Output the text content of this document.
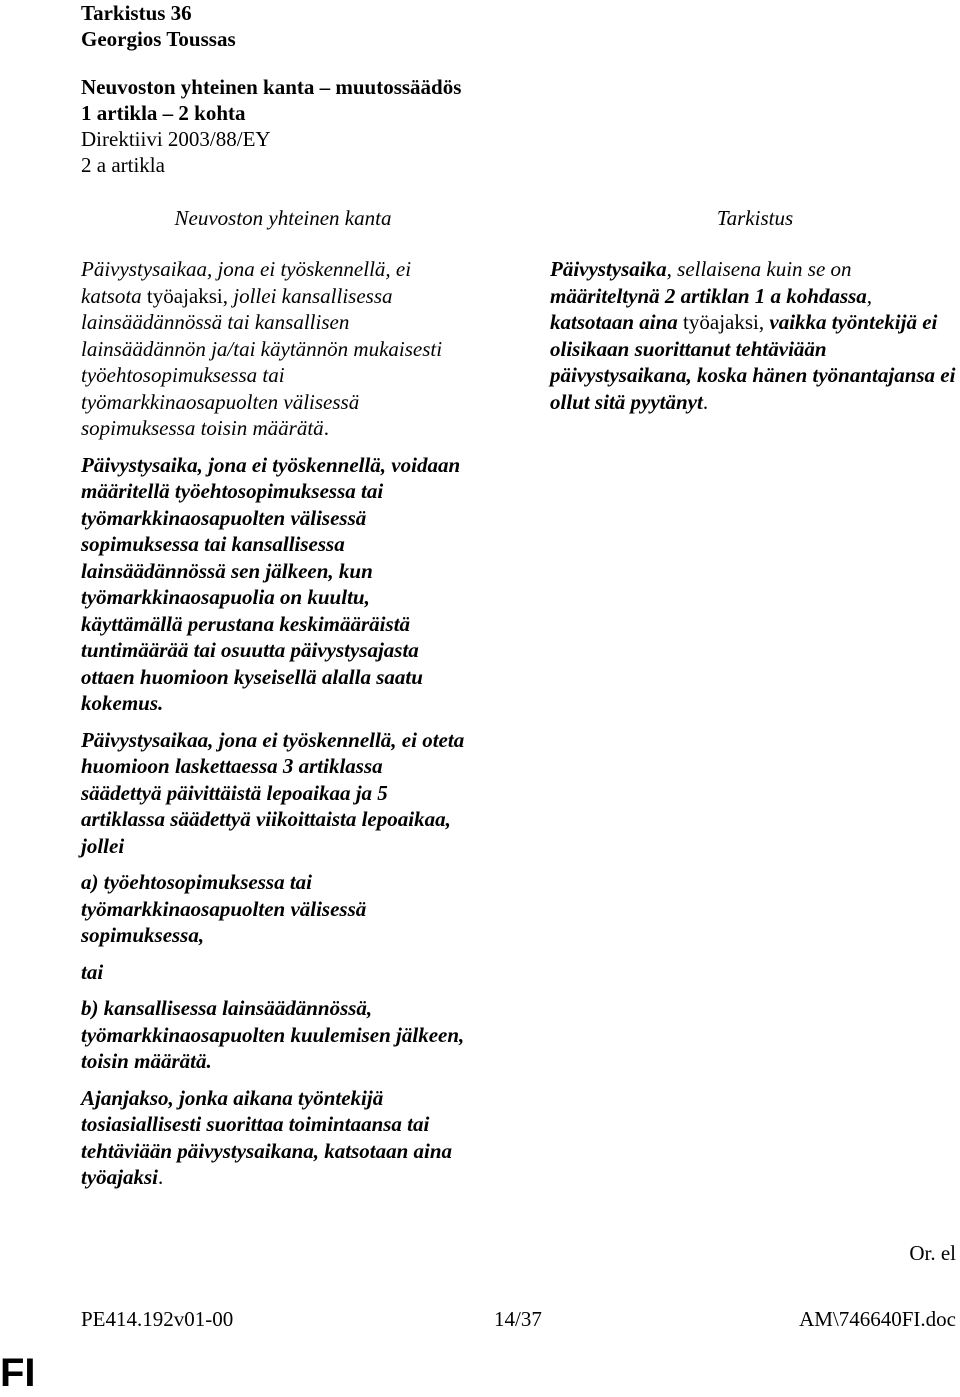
Tarkistus 36
Georgios Toussas
Neuvoston yhteinen kanta – muutossäädös
1 artikla – 2 kohta
Direktiivi 2003/88/EY
2 a artikla
Neuvoston yhteinen kanta	Tarkistus

Päivystysaikaa, jona ei työskennellä, ei katsota työajaksi, jollei kansallisessa lainsäädännössä tai kansallisen lainsäädännön ja/tai käytännön mukaisesti työehtosopimuksessa tai työmarkkinaosapuolten välisessä sopimuksessa toisin määrätä.

Päivystysaika, jona ei työskennellä, voidaan määritellä työehtosopimuksessa tai työmarkkinaosapuolten välisessä sopimuksessa tai kansallisessa lainsäädännössä sen jälkeen, kun työmarkkinaosapuolia on kuultu, käyttämällä perustana keskimääräistä tuntimäärää tai osuutta päivystysajasta ottaen huomioon kyseisellä alalla saatu kokemus.

Päivystysaikaa, jona ei työskennellä, ei oteta huomioon laskettaessa 3 artiklassa säädettyä päivittäistä lepoaikaa ja 5 artiklassa säädettyä viikoittaista lepoaikaa, jollei

a) työehtosopimuksessa tai työmarkkinaosapuolten välisessä sopimuksessa,

tai

b) kansallisessa lainsäädännössä, työmarkkinaosapuolten kuulemisen jälkeen, toisin määrätä.

Ajanjakso, jonka aikana työntekijä tosiasiallisesti suorittaa toimintaansa tai tehtäviään päivystysaikana, katsotaan aina työajaksi.

Päivystysaika, sellaisena kuin se on määriteltynä 2 artiklan 1 a kohdassa, katsotaan aina työajaksi, vaikka työntekijä ei olisikaan suorittanut tehtäviään päivystysaikana, koska hänen työnantajansa ei ollut sitä pyytänyt.

Or. el
PE414.192v01-00	14/37	AM\746640FI.doc
FI
